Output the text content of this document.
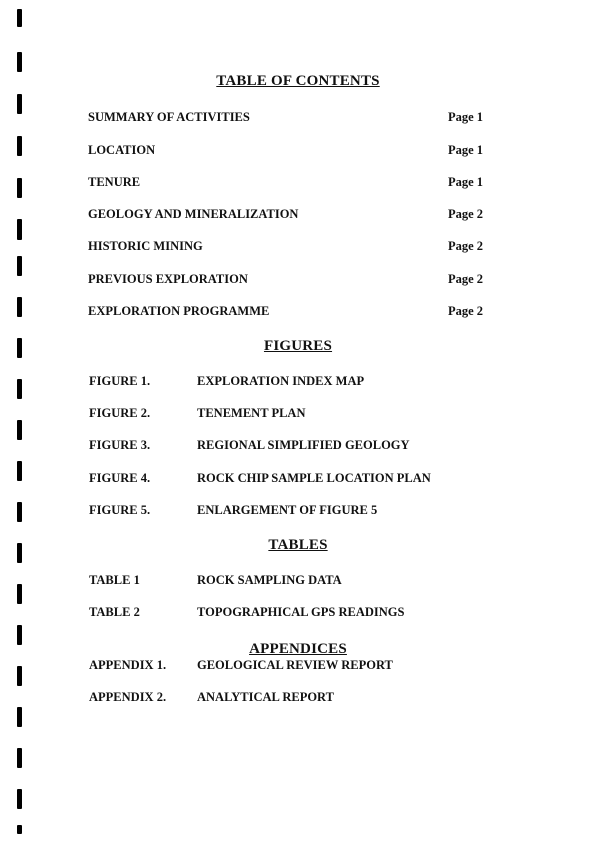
TABLE OF CONTENTS
SUMMARY OF ACTIVITIES	Page 1
LOCATION	Page 1
TENURE	Page 1
GEOLOGY AND MINERALIZATION	Page 2
HISTORIC MINING	Page 2
PREVIOUS EXPLORATION	Page 2
EXPLORATION PROGRAMME	Page 2
FIGURES
FIGURE 1.	EXPLORATION INDEX MAP
FIGURE 2.	TENEMENT PLAN
FIGURE 3.	REGIONAL SIMPLIFIED GEOLOGY
FIGURE 4.	ROCK CHIP SAMPLE LOCATION PLAN
FIGURE 5.	ENLARGEMENT OF FIGURE 5
TABLES
TABLE 1	ROCK SAMPLING DATA
TABLE 2	TOPOGRAPHICAL GPS READINGS
APPENDICES
APPENDIX 1. GEOLOGICAL REVIEW REPORT
APPENDIX 2. ANALYTICAL REPORT
